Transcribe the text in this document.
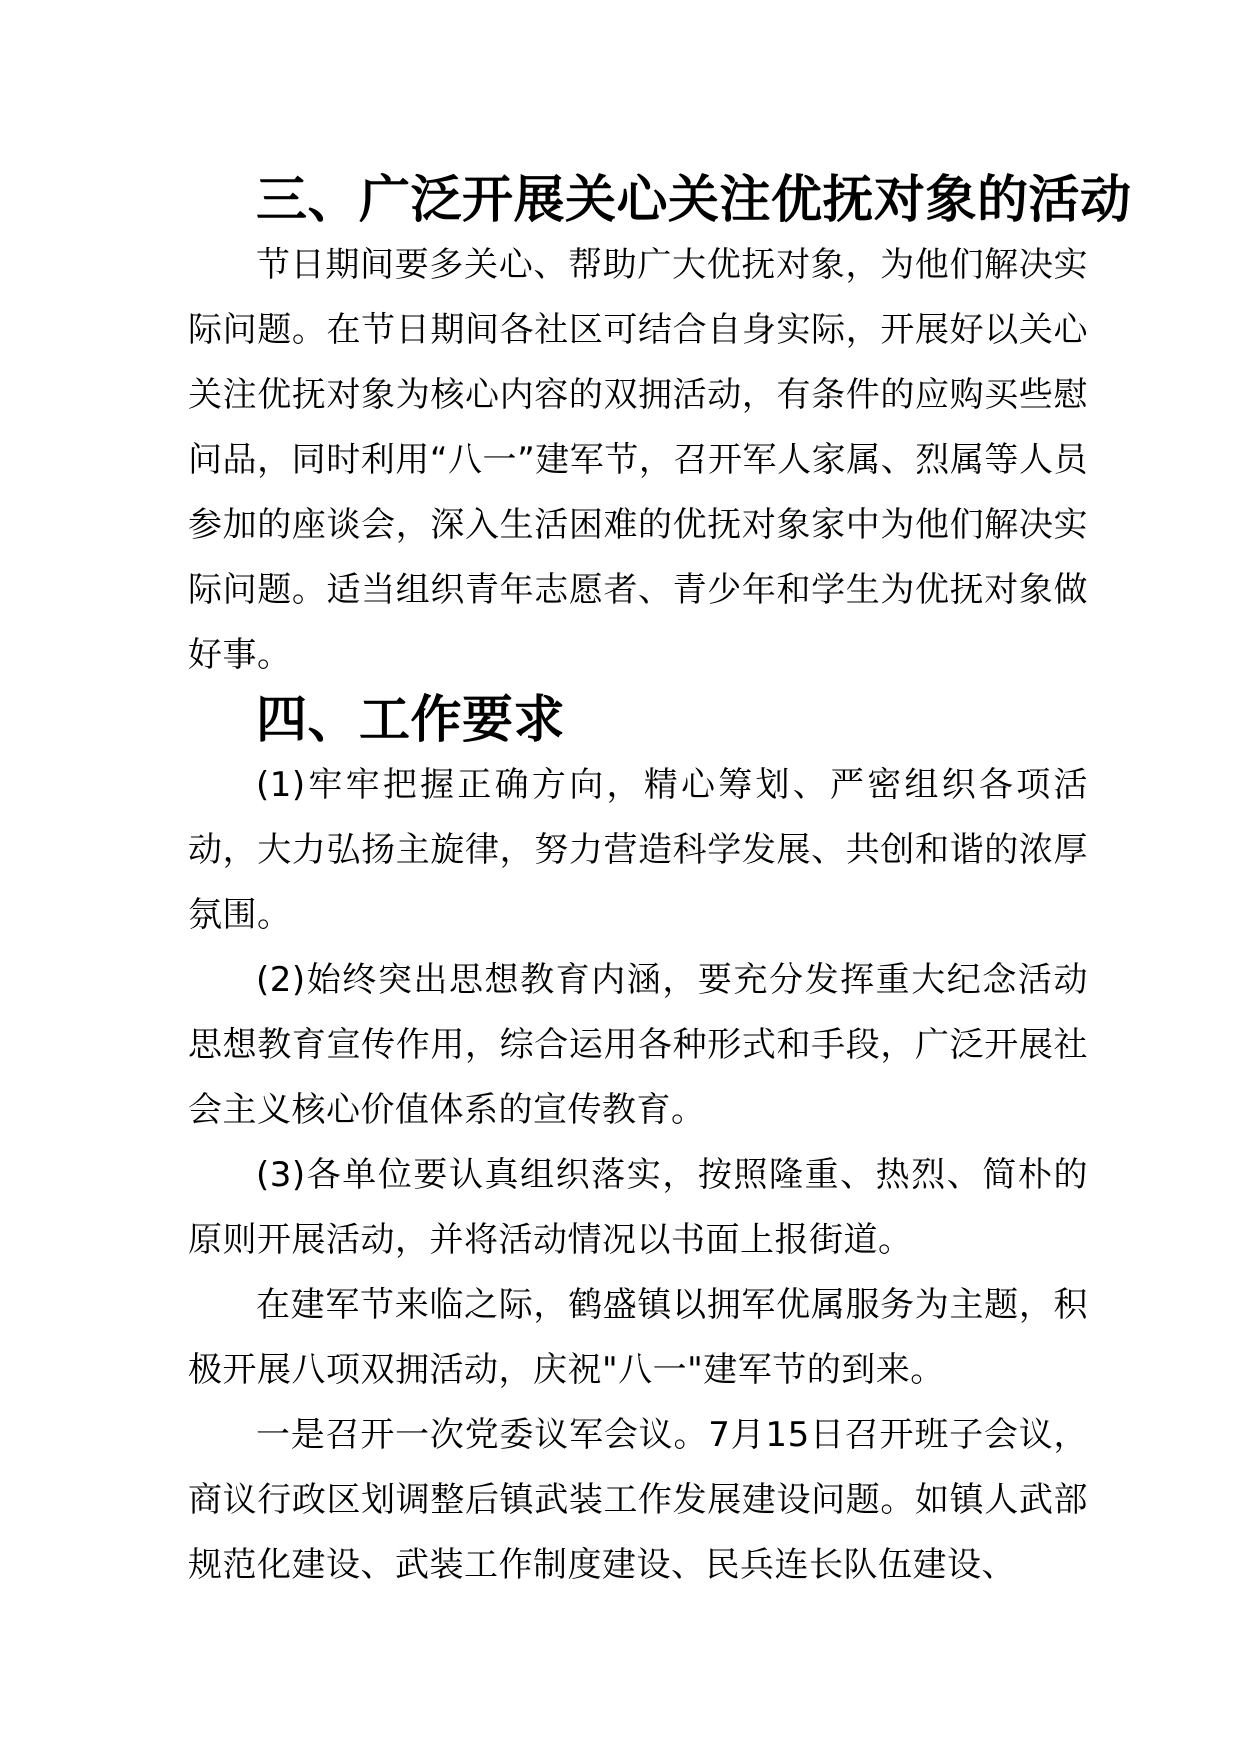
三、广泛开展关心关注优抚对象的活动

节日期间要多关心、帮助广大优抚对象，为他们解决实际问题。在节日期间各社区可结合自身实际，开展好以关心关注优抚对象为核心内容的双拥活动，有条件的应购买些慰问品，同时利用“八一”建军节，召开军人家属、烈属等人员参加的座谈会，深入生活困难的优抚对象家中为他们解决实际问题。适当组织青年志愿者、青少年和学生为优抚对象做好事。

四、工作要求

(1)牢牢把握正确方向，精心筹划、严密组织各项活动，大力弘扬主旋律，努力营造科学发展、共创和谐的浓厚氛围。

(2)始终突出思想教育内涵，要充分发挥重大纪念活动思想教育宣传作用，综合运用各种形式和手段，广泛开展社会主义核心价值体系的宣传教育。

(3)各单位要认真组织落实，按照隆重、热烈、简朴的原则开展活动，并将活动情况以书面上报街道。

在建军节来临之际，鹤盛镇以拥军优属服务为主题，积极开展八项双拥活动，庆祝"八一"建军节的到来。

一是召开一次党委议军会议。7月15日召开班子会议，商议行政区划调整后镇武装工作发展建设问题。如镇人武部规范化建设、武装工作制度建设、民兵连长队伍建设、
